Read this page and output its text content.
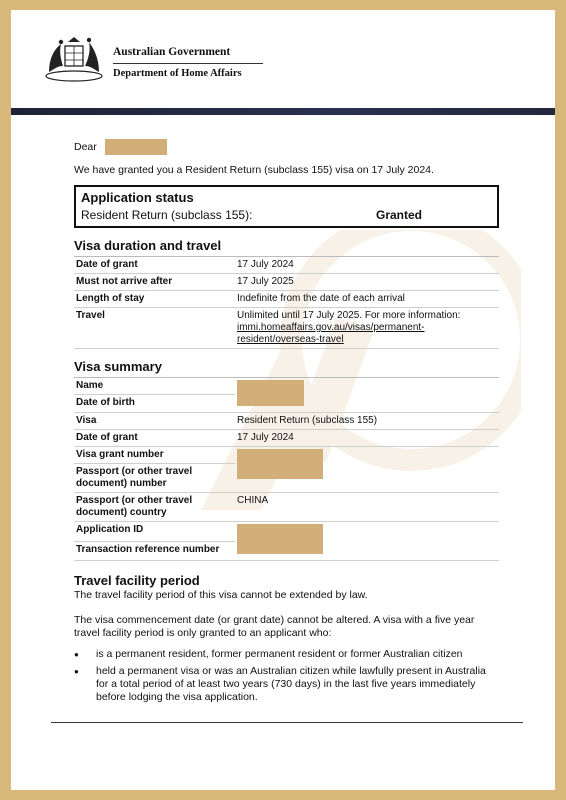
Australian Government
Department of Home Affairs
Dear
We have granted you a Resident Return (subclass 155) visa on 17 July 2024.
Application status
Resident Return (subclass 155):	Granted
Visa duration and travel
Date of grant	17 July 2024
Must not arrive after	17 July 2025
Length of stay	Indefinite from the date of each arrival
Travel	Unlimited until 17 July 2025. For more information:
immi.homeaffairs.gov.au/visas/permanent-resident/overseas-travel
Visa summary
Name	
Date of birth	
Visa	Resident Return (subclass 155)
Date of grant	17 July 2024
Visa grant number	
Passport (or other travel document) number	
Passport (or other travel document) country	CHINA
Application ID	
Transaction reference number	
Travel facility period
The travel facility period of this visa cannot be extended by law.
The visa commencement date (or grant date) cannot be altered. A visa with a five year travel facility period is only granted to an applicant who:
● is a permanent resident, former permanent resident or former Australian citizen
● held a permanent visa or was an Australian citizen while lawfully present in Australia for a total period of at least two years (730 days) in the last five years immediately before lodging the visa application.
